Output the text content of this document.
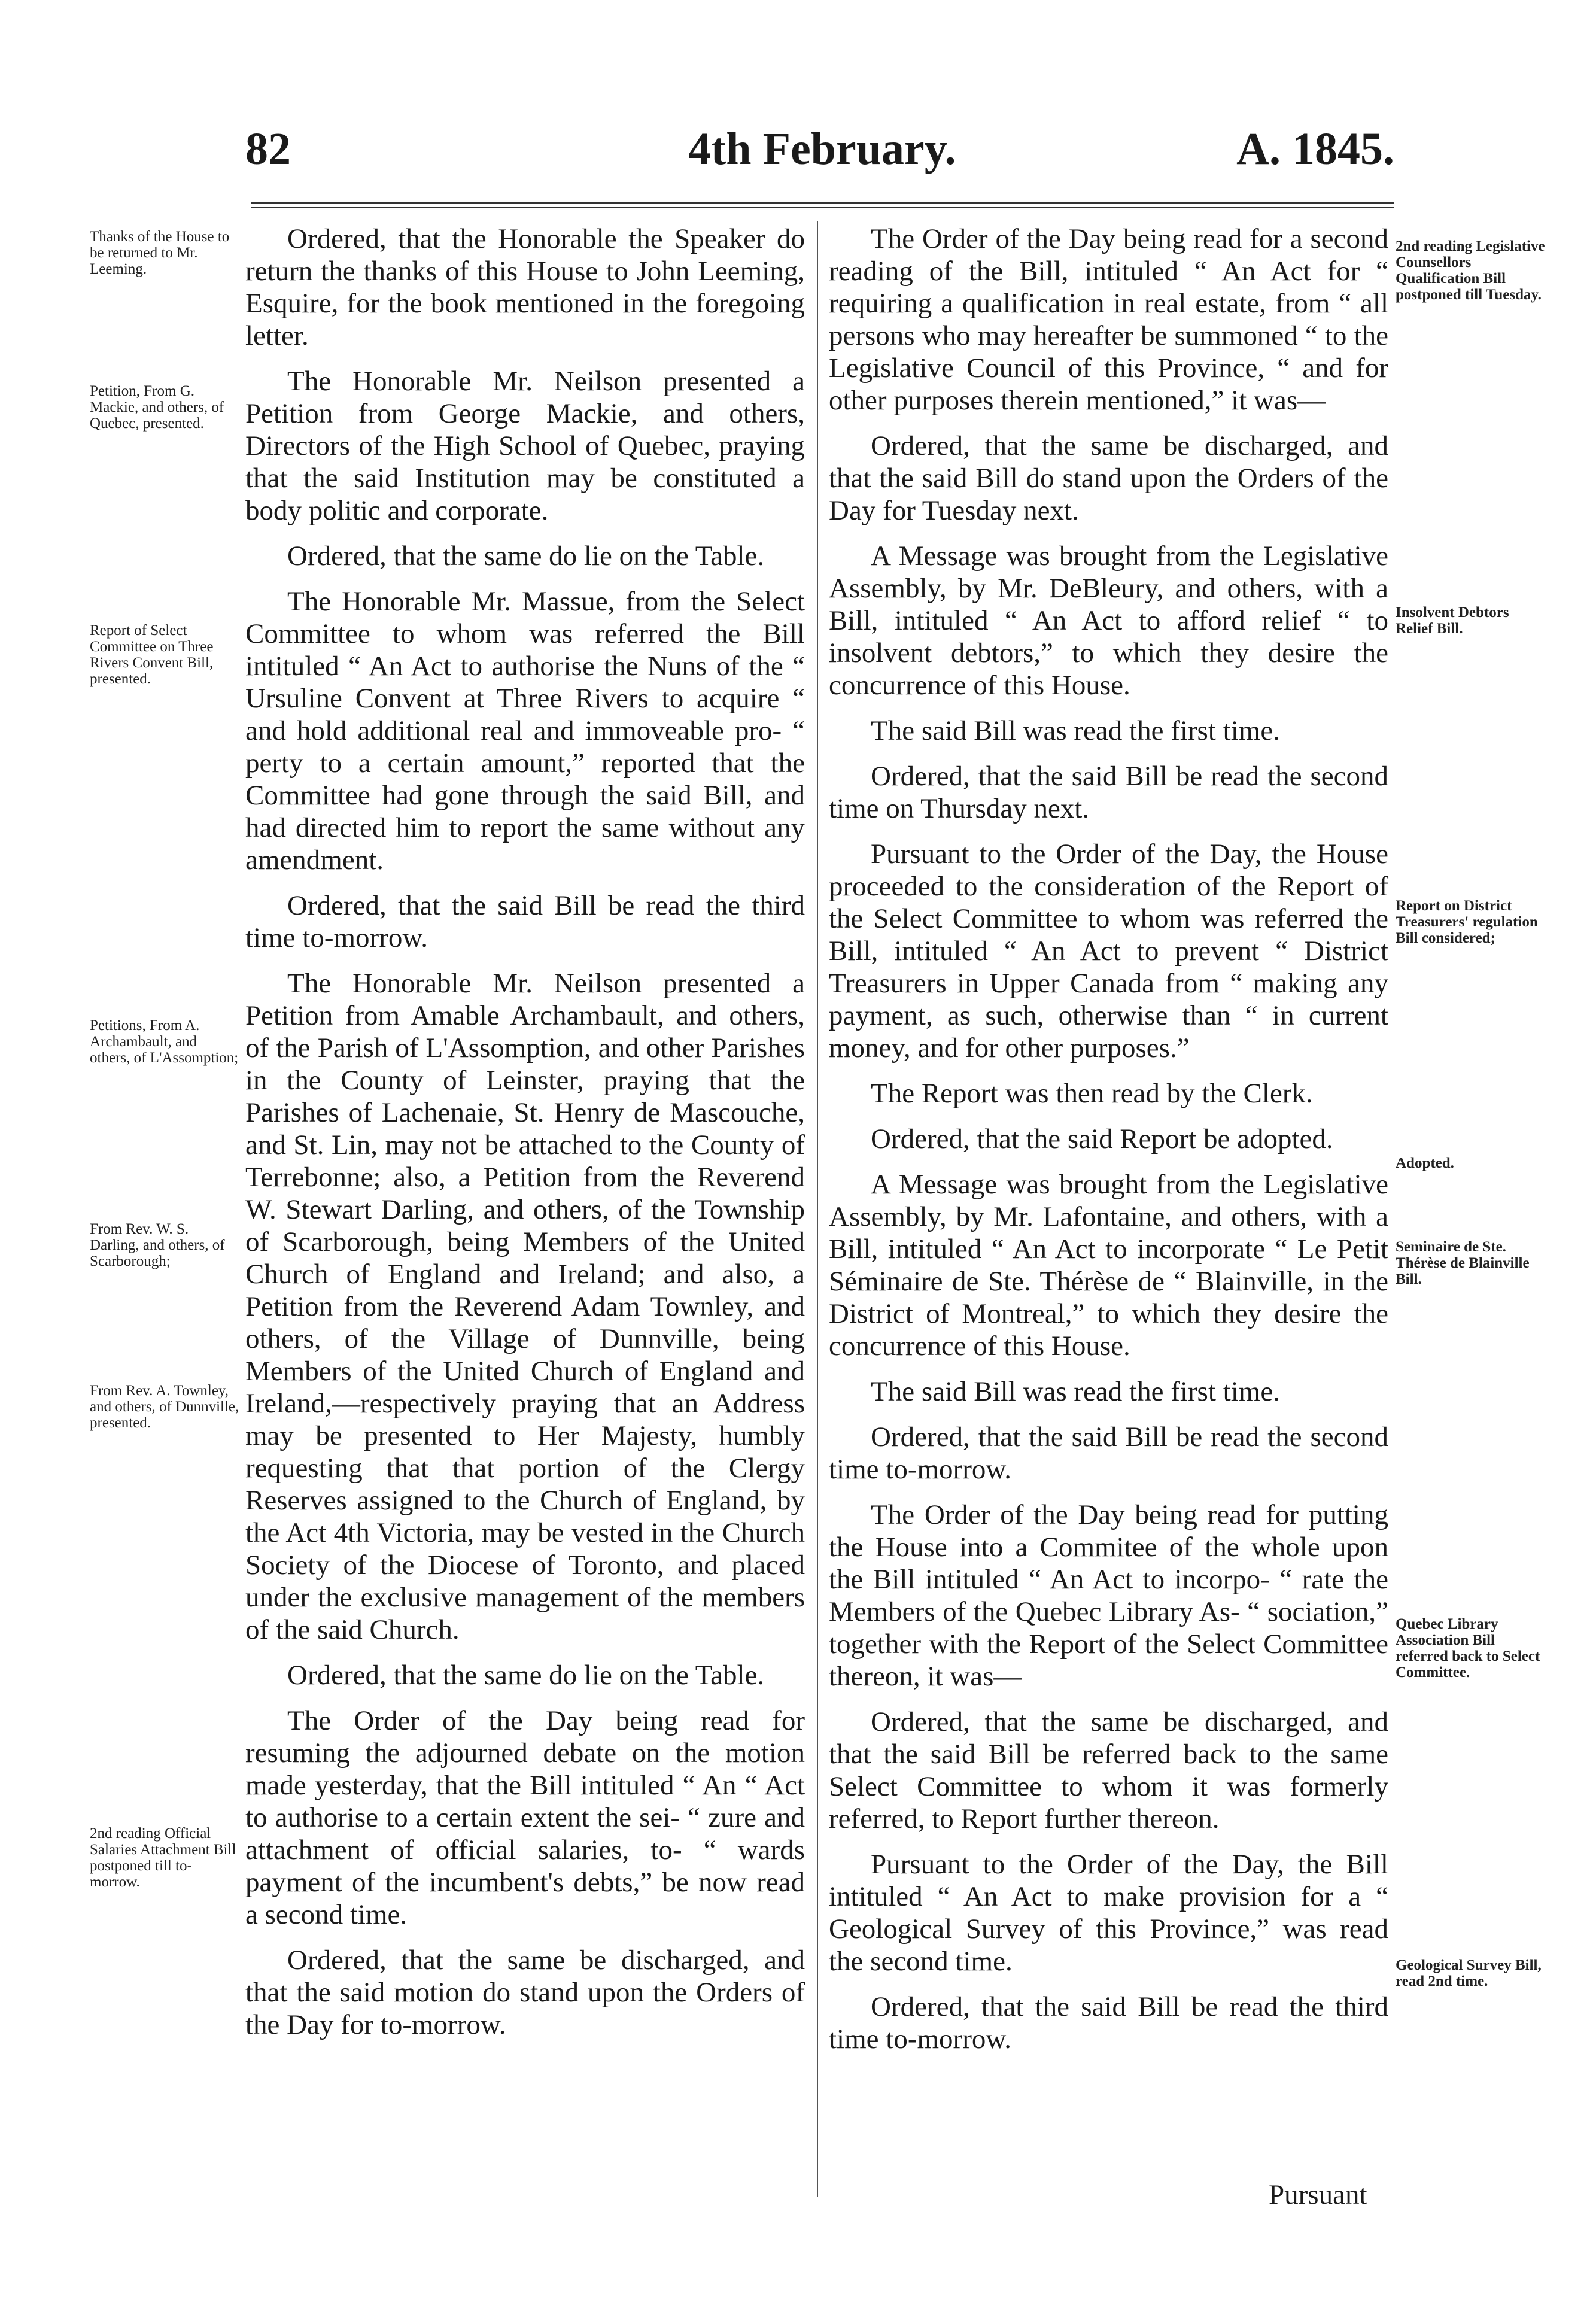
82	4th February.	A. 1845.
Thanks of the House to be returned to Mr. Leeming.
Petition, From G. Mackie, and others, of Quebec, presented.
Report of Select Committee on Three Rivers Convent Bill, presented.
Petitions, From A. Archambault, and others, of L'Assomption;
From Rev. W. S. Darling, and others, of Scarborough;
From Rev. A. Townley, and others, of Dunnville, presented.
2nd reading Official Salaries Attachment Bill postponed till to-morrow.

Ordered, that the Honorable the Speaker do return the thanks of this House to John Leeming, Esquire, for the book mentioned in the foregoing letter.

The Honorable Mr. Neilson presented a Petition from George Mackie, and others, Directors of the High School of Quebec, praying that the said Institution may be constituted a body politic and corporate.

Ordered, that the same do lie on the Table.

The Honorable Mr. Massue, from the Select Committee to whom was referred the Bill intituled “ An Act to authorise the Nuns of the “ Ursuline Convent at Three Rivers to acquire “ and hold additional real and immoveable pro- “ perty to a certain amount,” reported that the Committee had gone through the said Bill, and had directed him to report the same without any amendment.

Ordered, that the said Bill be read the third time to-morrow.

The Honorable Mr. Neilson presented a Petition from Amable Archambault, and others, of the Parish of L'Assomption, and other Parishes in the County of Leinster, praying that the Parishes of Lachenaie, St. Henry de Mascouche, and St. Lin, may not be attached to the County of Terrebonne; also, a Petition from the Reverend W. Stewart Darling, and others, of the Township of Scarborough, being Members of the United Church of England and Ireland; and also, a Petition from the Reverend Adam Townley, and others, of the Village of Dunnville, being Members of the United Church of England and Ireland,—respectively praying that an Address may be presented to Her Majesty, humbly requesting that that portion of the Clergy Reserves assigned to the Church of England, by the Act 4th Victoria, may be vested in the Church Society of the Diocese of Toronto, and placed under the exclusive management of the members of the said Church.

Ordered, that the same do lie on the Table.

The Order of the Day being read for resuming the adjourned debate on the motion made yesterday, that the Bill intituled “ An “ Act to authorise to a certain extent the sei- “ zure and attachment of official salaries, to- “ wards payment of the incumbent's debts,” be now read a second time.

Ordered, that the same be discharged, and that the said motion do stand upon the Orders of the Day for to-morrow.

The Order of the Day being read for a second reading of the Bill, intituled “ An Act for “ requiring a qualification in real estate, from “ all persons who may hereafter be summoned “ to the Legislative Council of this Province, “ and for other purposes therein mentioned,” it was—

Ordered, that the same be discharged, and that the said Bill do stand upon the Orders of the Day for Tuesday next.

A Message was brought from the Legislative Assembly, by Mr. DeBleury, and others, with a Bill, intituled “ An Act to afford relief “ to insolvent debtors,” to which they desire the concurrence of this House.

The said Bill was read the first time.

Ordered, that the said Bill be read the second time on Thursday next.

Pursuant to the Order of the Day, the House proceeded to the consideration of the Report of the Select Committee to whom was referred the Bill, intituled “ An Act to prevent “ District Treasurers in Upper Canada from “ making any payment, as such, otherwise than “ in current money, and for other purposes.”

The Report was then read by the Clerk.

Ordered, that the said Report be adopted.

A Message was brought from the Legislative Assembly, by Mr. Lafontaine, and others, with a Bill, intituled “ An Act to incorporate “ Le Petit Séminaire de Ste. Thérèse de “ Blainville, in the District of Montreal,” to which they desire the concurrence of this House.

The said Bill was read the first time.

Ordered, that the said Bill be read the second time to-morrow.

The Order of the Day being read for putting the House into a Commitee of the whole upon the Bill intituled “ An Act to incorpo- “ rate the Members of the Quebec Library As- “ sociation,” together with the Report of the Select Committee thereon, it was—

Ordered, that the same be discharged, and that the said Bill be referred back to the same Select Committee to whom it was formerly referred, to Report further thereon.

Pursuant to the Order of the Day, the Bill intituled “ An Act to make provision for a “ Geological Survey of this Province,” was read the second time.

Ordered, that the said Bill be read the third time to-morrow.

2nd reading Legislative Counsellors Qualification Bill postponed till Tuesday.
Insolvent Debtors Relief Bill.
Report on District Treasurers' regulation Bill considered;
Adopted.
Seminaire de Ste. Thérèse de Blainville Bill.
Quebec Library Association Bill referred back to Select Committee.
Geological Survey Bill, read 2nd time.
Pursuant
